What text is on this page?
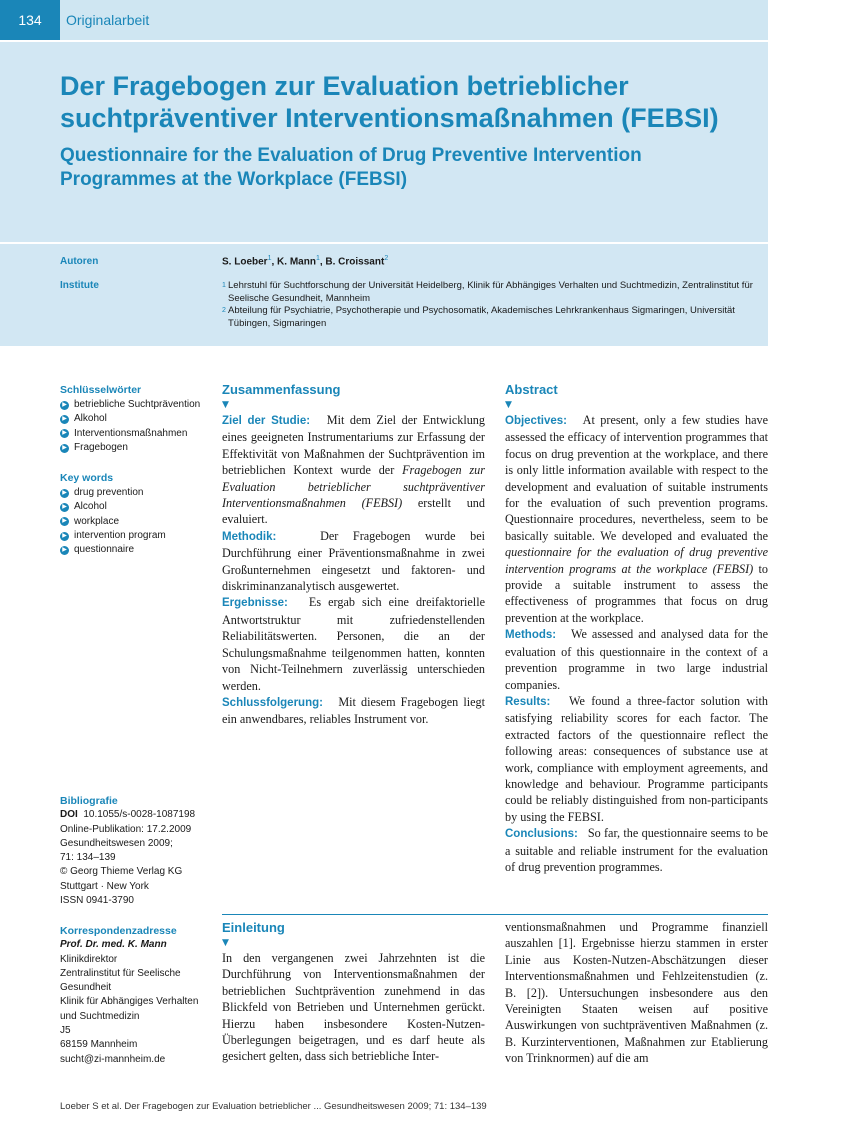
134	Originalarbeit
Der Fragebogen zur Evaluation betrieblicher suchtpräventiver Interventionsmaßnahmen (FEBSI)
Questionnaire for the Evaluation of Drug Preventive Intervention Programmes at the Workplace (FEBSI)
Autoren
Institute
S. Loeber$^1$, K. Mann$^1$, B. Croissant$^2$
1 Lehrstuhl für Suchtforschung der Universität Heidelberg, Klinik für Abhängiges Verhalten und Suchtmedizin, Zentralinstitut für Seelische Gesundheit, Mannheim
2 Abteilung für Psychiatrie, Psychotherapie und Psychosomatik, Akademisches Lehrkrankenhaus Sigmaringen, Universität Tübingen, Sigmaringen
Schlüsselwörter
▶ betriebliche Suchtprävention
▶ Alkohol
▶ Interventionsmaßnahmen
▶ Fragebogen
Key words
▶ drug prevention
▶ Alcohol
▶ workplace
▶ intervention program
▶ questionnaire
Bibliografie
DOI 10.1055/s-0028-1087198
Online-Publikation: 17.2.2009
Gesundheitswesen 2009;
71: 134–139
© Georg Thieme Verlag KG
Stuttgart · New York
ISSN 0941-3790
Korrespondenzadresse
Prof. Dr. med. K. Mann
Klinikdirektor
Zentralinstitut für Seelische Gesundheit
Klinik für Abhängiges Verhalten und Suchtmedizin
J5
68159 Mannheim
sucht@zi-mannheim.de
Zusammenfassung
▼

Ziel der Studie: Mit dem Ziel der Entwicklung eines geeigneten Instrumentariums zur Erfassung der Effektivität von Maßnahmen der Suchtprävention im betrieblichen Kontext wurde der Fragebogen zur Evaluation betrieblicher suchtpräventiver Interventionsmaßnahmen (FEBSI) erstellt und evaluiert.

Methodik:	Der Fragebogen wurde bei Durchführung einer Präventionsmaßnahme in zwei Großunternehmen eingesetzt und faktoren- und diskriminanzanalytisch ausgewertet.

Ergebnisse: Es ergab sich eine dreifaktorielle Antwortstruktur mit zufriedenstellenden Reliabilitätswerten. Personen, die an der Schulungsmaßnahme teilgenommen hatten, konnten von Nicht-Teilnehmern zuverlässig unterschieden werden.

Schlussfolgerung: Mit diesem Fragebogen liegt ein anwendbares, reliables Instrument vor.

Abstract
▼

Objectives: At present, only a few studies have assessed the efficacy of intervention programmes that focus on drug prevention at the workplace, and there is only little information available with respect to the development and evaluation of suitable instruments for the evaluation of such prevention programs. Questionnaire procedures, nevertheless, seem to be basically suitable. We developed and evaluated the questionnaire for the evaluation of drug preventive intervention programs at the workplace (FEBSI) to provide a suitable instrument to assess the effectiveness of programmes that focus on drug prevention at the workplace.

Methods: We assessed and analysed data for the evaluation of this questionnaire in the context of a prevention programme in two large industrial companies.

Results: We found a three-factor solution with satisfying reliability scores for each factor. The extracted factors of the questionnaire reflect the following areas: consequences of substance use at work, compliance with employment agreements, and knowledge and behaviour. Programme participants could be reliably distinguished from non-participants by using the FEBSI.

Conclusions: So far, the questionnaire seems to be a suitable and reliable instrument for the evaluation of drug prevention programmes.

Einleitung
▼

In den vergangenen zwei Jahrzehnten ist die Durchführung von Interventionsmaßnahmen der betrieblichen Suchtprävention zunehmend in das Blickfeld von Betrieben und Unternehmen gerückt. Hierzu haben insbesondere Kosten-Nutzen-Überlegungen beigetragen, und es darf heute als gesichert gelten, dass sich betriebliche Inter-

ventionsmaßnahmen und Programme finanziell auszahlen [1]. Ergebnisse hierzu stammen in erster Linie aus Kosten-Nutzen-Abschätzungen dieser Interventionsmaßnahmen und Fehlzeitenstudien (z. B. [2]). Untersuchungen insbesondere aus den Vereinigten Staaten weisen auf positive Auswirkungen von suchtpräventiven Maßnahmen (z. B. Kurzinterventionen, Maßnahmen zur Etablierung von Trinknormen) auf die am

Loeber S et al. Der Fragebogen zur Evaluation betrieblicher ... Gesundheitswesen 2009; 71: 134–139
